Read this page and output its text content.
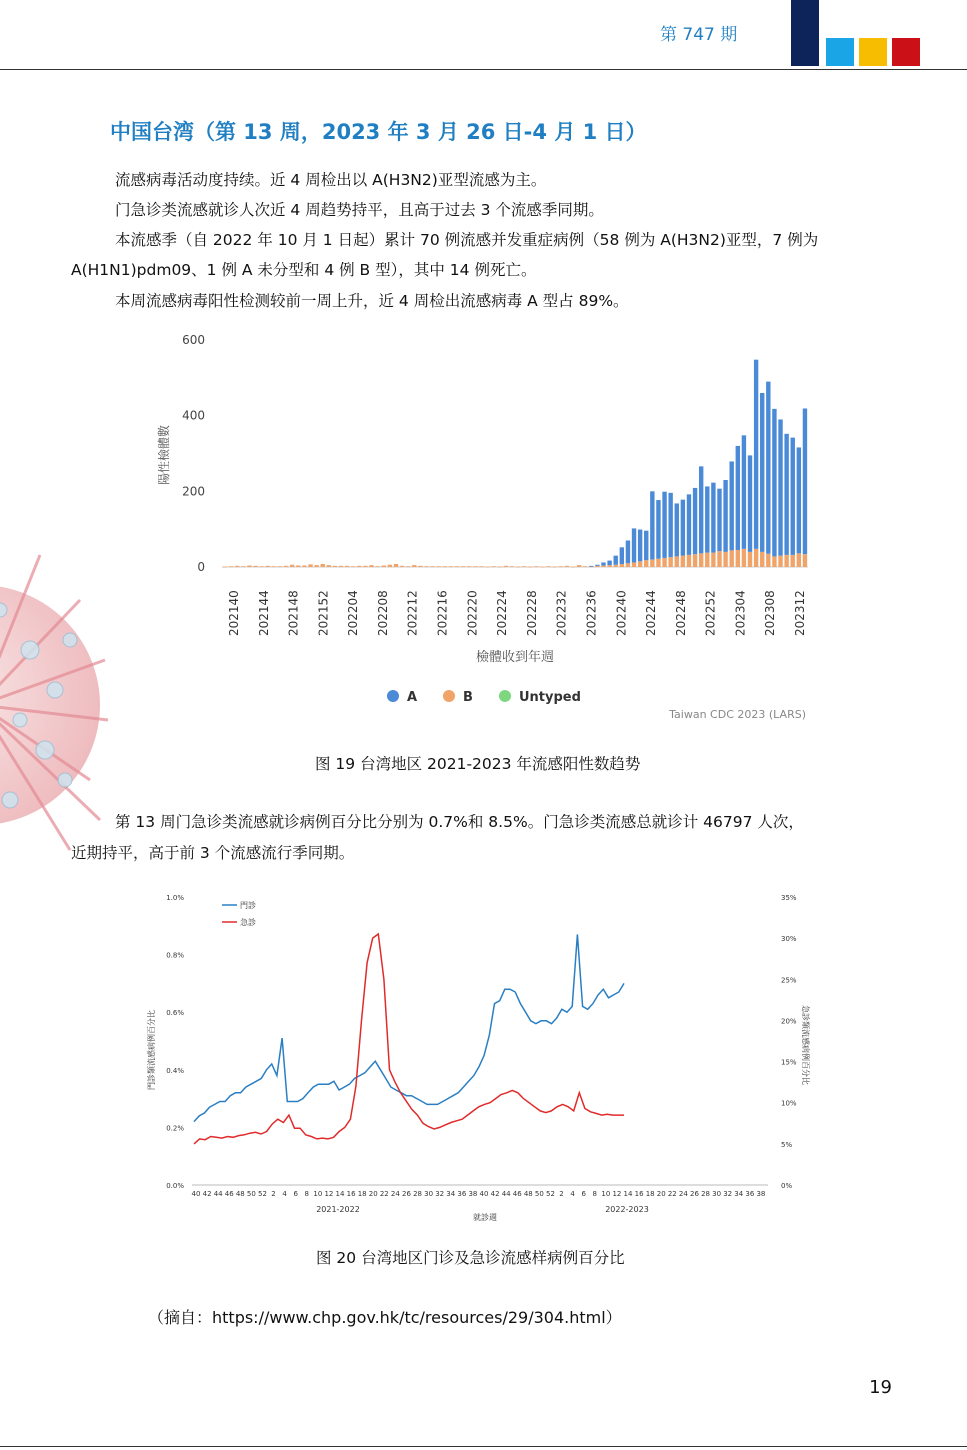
第 747 期
中国台湾（第 13 周，2023 年 3 月 26 日-4 月 1 日）
流感病毒活动度持续。近 4 周检出以 A(H3N2)亚型流感为主。
门急诊类流感就诊人次近 4 周趋势持平，且高于过去 3 个流感季同期。
本流感季（自 2022 年 10 月 1 日起）累计 70 例流感并发重症病例（58 例为 A(H3N2)亚型，7 例为
A(H1N1)pdm09、1 例 A 未分型和 4 例 B 型），其中 14 例死亡。
本周流感病毒阳性检测较前一周上升，近 4 周检出流感病毒 A 型占 89%。
0
200
400
600
202140 202144 202148 202152 202204 202208 202212 202216 202220 202224 202228 202232 202236 202240 202244 202248 202252 202304 202308 202312
陽性檢體數
檢體收到年週
A	B	Untyped
Taiwan CDC 2023 (LARS)
图 19 台湾地区 2021-2023 年流感阳性数趋势
第 13 周门急诊类流感就诊病例百分比分别为 0.7%和 8.5%。门急诊类流感总就诊计 46797 人次，
近期持平，高于前 3 个流感流行季同期。
0.0%
0.2%
0.4%
0.6%
0.8%
1.0%
0%
5%
10%
15%
20%
25%
30%
35%
40 42 44 46 48 50 52 2 4 6 8 10 12 14 16 18 20 22 24 26 28 30 32 34 36 38 40 42 44 46 48 50 52 2 4 6 8 10 12 14 16 18 20 22 24 26 28 30 32 34 36 38
門診
急診
2021-2022	2022-2023
就診週
門診類流感病例百分比	急診類流感病例百分比
图 20 台湾地区门诊及急诊流感样病例百分比
（摘自：https://www.chp.gov.hk/tc/resources/29/304.html）
19
